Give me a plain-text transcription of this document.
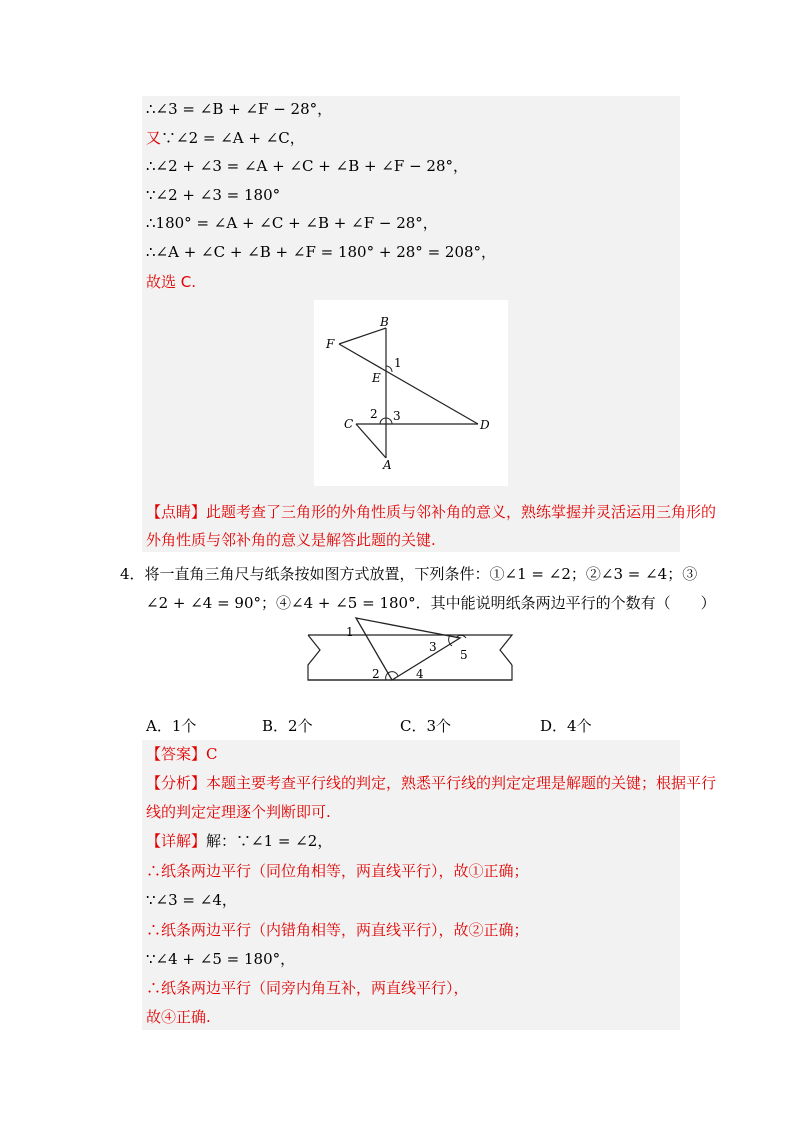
∴∠3 = ∠B + ∠F − 28°，
又∵∠2 = ∠A + ∠C，
∴∠2 + ∠3 = ∠A + ∠C + ∠B + ∠F − 28°，
∵∠2 + ∠3 = 180°
∴180° = ∠A + ∠C + ∠B + ∠F − 28°，
∴∠A + ∠C + ∠B + ∠F = 180° + 28° = 208°，
故选 C.
B
F
E
1
2 3
C	D
A
【点睛】此题考查了三角形的外角性质与邻补角的意义，熟练掌握并灵活运用三角形的
外角性质与邻补角的意义是解答此题的关键.
4．将一直角三角尺与纸条按如图方式放置，下列条件：①∠1 = ∠2；②∠3 = ∠4；③
∠2 + ∠4 = 90°；④∠4 + ∠5 = 180°．其中能说明纸条两边平行的个数有（　　）
1
2
3
4
5
A．1个	B．2个	C．3个	D．4个
【答案】C
【分析】本题主要考查平行线的判定，熟悉平行线的判定定理是解题的关键；根据平行
线的判定定理逐个判断即可.
【详解】解：∵∠1 = ∠2，
∴纸条两边平行（同位角相等，两直线平行），故①正确；
∵∠3 = ∠4，
∴纸条两边平行（内错角相等，两直线平行），故②正确；
∵∠4 + ∠5 = 180°，
∴纸条两边平行（同旁内角互补，两直线平行），
故④正确.
